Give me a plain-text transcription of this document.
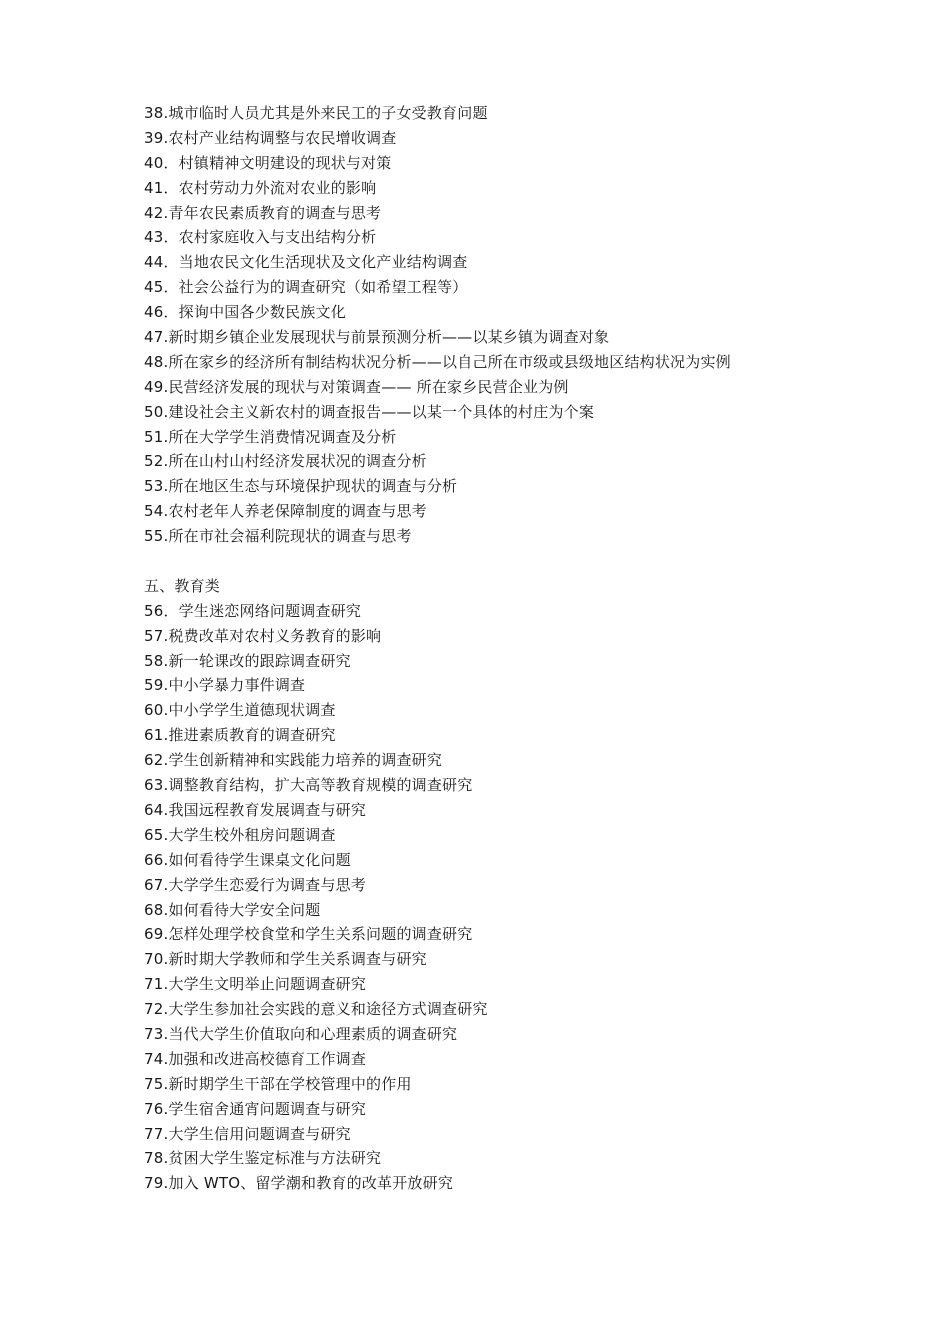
38.城市临时人员尤其是外来民工的子女受教育问题
39.农村产业结构调整与农民增收调查
40．村镇精神文明建设的现状与对策
41．农村劳动力外流对农业的影响
42.青年农民素质教育的调查与思考
43．农村家庭收入与支出结构分析
44．当地农民文化生活现状及文化产业结构调查
45．社会公益行为的调查研究（如希望工程等）
46．探询中国各少数民族文化
47.新时期乡镇企业发展现状与前景预测分析——以某乡镇为调查对象
48.所在家乡的经济所有制结构状况分析——以自己所在市级或县级地区结构状况为实例
49.民营经济发展的现状与对策调查—— 所在家乡民营企业为例
50.建设社会主义新农村的调查报告——以某一个具体的村庄为个案
51.所在大学学生消费情况调查及分析
52.所在山村山村经济发展状况的调查分析
53.所在地区生态与环境保护现状的调查与分析
54.农村老年人养老保障制度的调查与思考
55.所在市社会福利院现状的调查与思考
五、教育类
56．学生迷恋网络问题调查研究
57.税费改革对农村义务教育的影响
58.新一轮课改的跟踪调查研究
59.中小学暴力事件调查
60.中小学学生道德现状调查
61.推进素质教育的调查研究
62.学生创新精神和实践能力培养的调查研究
63.调整教育结构，扩大高等教育规模的调查研究
64.我国远程教育发展调查与研究
65.大学生校外租房问题调查
66.如何看待学生课桌文化问题
67.大学学生恋爱行为调查与思考
68.如何看待大学安全问题
69.怎样处理学校食堂和学生关系问题的调查研究
70.新时期大学教师和学生关系调查与研究
71.大学生文明举止问题调查研究
72.大学生参加社会实践的意义和途径方式调查研究
73.当代大学生价值取向和心理素质的调查研究
74.加强和改进高校德育工作调查
75.新时期学生干部在学校管理中的作用
76.学生宿舍通宵问题调查与研究
77.大学生信用问题调查与研究
78.贫困大学生鉴定标准与方法研究
79.加入 WTO、留学潮和教育的改革开放研究
